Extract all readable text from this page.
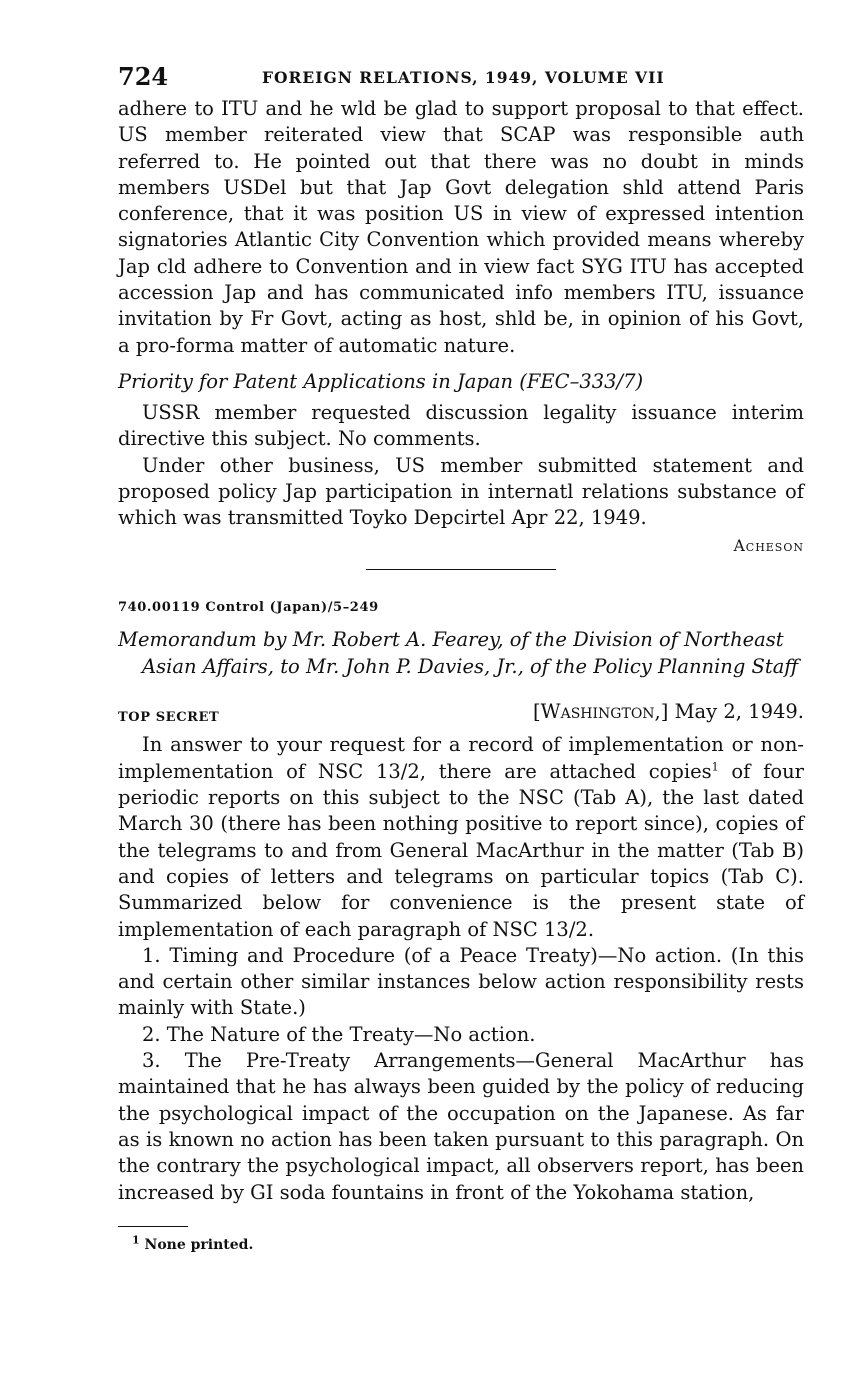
724	FOREIGN RELATIONS, 1949, VOLUME VII

adhere to ITU and he wld be glad to support proposal to that effect. US member reiterated view that SCAP was responsible auth referred to. He pointed out that there was no doubt in minds members USDel but that Jap Govt delegation shld attend Paris conference, that it was position US in view of expressed intention signatories Atlantic City Convention which provided means whereby Jap cld adhere to Convention and in view fact SYG ITU has accepted accession Jap and has communicated info members ITU, issuance invitation by Fr Govt, acting as host, shld be, in opinion of his Govt, a pro-forma matter of automatic nature.

Priority for Patent Applications in Japan (FEC–333/7)

USSR member requested discussion legality issuance interim directive this subject. No comments.

Under other business, US member submitted statement and proposed policy Jap participation in internatl relations substance of which was transmitted Toyko Depcirtel Apr 22, 1949.

Acheson
740.00119 Control (Japan)/5–249
Memorandum by Mr. Robert A. Fearey, of the Division of Northeast Asian Affairs, to Mr. John P. Davies, Jr., of the Policy Planning Staff
TOP SECRET	[Washington,] May 2, 1949.

In answer to your request for a record of implementation or non-implementation of NSC 13/2, there are attached copies$^1$ of four periodic reports on this subject to the NSC (Tab A), the last dated March 30 (there has been nothing positive to report since), copies of the telegrams to and from General MacArthur in the matter (Tab B) and copies of letters and telegrams on particular topics (Tab C). Summarized below for convenience is the present state of implementation of each paragraph of NSC 13/2.

1. Timing and Procedure (of a Peace Treaty)—No action. (In this and certain other similar instances below action responsibility rests mainly with State.)

2. The Nature of the Treaty—No action.

3. The Pre-Treaty Arrangements—General MacArthur has maintained that he has always been guided by the policy of reducing the psychological impact of the occupation on the Japanese. As far as is known no action has been taken pursuant to this paragraph. On the contrary the psychological impact, all observers report, has been increased by GI soda fountains in front of the Yokohama station,

$^1$ None printed.
